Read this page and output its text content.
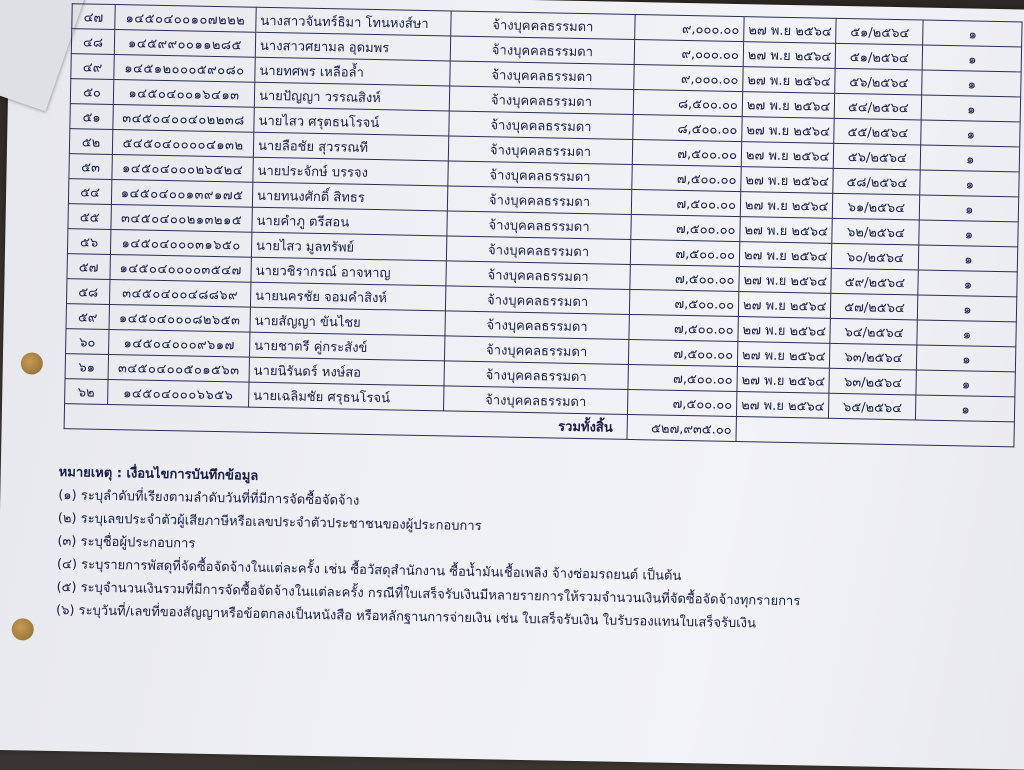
๔๗	๑๔๕๐๔๐๐๑๐๗๒๒๒	นางสาวจันทร์ธิมา โทนหงส์ษา	จ้างบุคคลธรรมดา	๙,๐๐๐.๐๐	๒๗ พ.ย ๒๕๖๔	๕๑/๒๕๖๔	๑
๔๘	๑๔๕๙๙๐๐๑๑๒๘๕	นางสาวศยามล อุดมพร	จ้างบุคคลธรรมดา	๙,๐๐๐.๐๐	๒๗ พ.ย ๒๕๖๔	๕๑/๒๕๖๔	๑
๔๙	๑๔๕๑๒๐๐๐๕๙๐๘๐	นายทศพร เหลือล้ำ	จ้างบุคคลธรรมดา	๙,๐๐๐.๐๐	๒๗ พ.ย ๒๕๖๔	๕๖/๒๕๖๔	๑
๕๐	๑๔๕๐๔๐๐๑๖๔๑๓	นายปัญญา วรรณสิงห์	จ้างบุคคลธรรมดา	๘,๕๐๐.๐๐	๒๗ พ.ย ๒๕๖๔	๕๔/๒๕๖๔	๑
๕๑	๓๔๕๐๔๐๐๔๐๒๒๓๘	นายไสว ศรุตธนโรจน์	จ้างบุคคลธรรมดา	๘,๕๐๐.๐๐	๒๗ พ.ย ๒๕๖๔	๕๕/๒๕๖๔	๑
๕๒	๕๔๕๐๔๐๐๐๐๔๑๓๒	นายลือชัย สุวรรณที	จ้างบุคคลธรรมดา	๗,๕๐๐.๐๐	๒๗ พ.ย ๒๕๖๔	๕๖/๒๕๖๔	๑
๕๓	๑๔๕๐๔๐๐๐๒๖๕๒๔	นายประจักษ์ บรรจง	จ้างบุคคลธรรมดา	๗,๕๐๐.๐๐	๒๗ พ.ย ๒๕๖๔	๕๘/๒๕๖๔	๑
๕๔	๑๔๕๐๔๐๐๑๓๙๑๗๕	นายทนงศักดิ์ สิทธร	จ้างบุคคลธรรมดา	๗,๕๐๐.๐๐	๒๗ พ.ย ๒๕๖๔	๖๑/๒๕๖๔	๑
๕๕	๓๔๕๐๔๐๐๒๑๓๒๑๕	นายคำภู ตรีสอน	จ้างบุคคลธรรมดา	๗,๕๐๐.๐๐	๒๗ พ.ย ๒๕๖๔	๖๒/๒๕๖๔	๑
๕๖	๑๔๕๐๔๐๐๐๓๑๖๕๐	นายไสว มูลทรัพย์	จ้างบุคคลธรรมดา	๗,๕๐๐.๐๐	๒๗ พ.ย ๒๕๖๔	๖๐/๒๕๖๔	๑
๕๗	๑๔๕๐๔๐๐๐๐๓๕๔๗	นายวชิรากรณ์ อาจหาญ	จ้างบุคคลธรรมดา	๗,๕๐๐.๐๐	๒๗ พ.ย ๒๕๖๔	๕๙/๒๕๖๔	๑
๕๘	๓๔๕๐๔๐๐๔๘๘๖๙	นายนครชัย จอมคำสิงห์	จ้างบุคคลธรรมดา	๗,๕๐๐.๐๐	๒๗ พ.ย ๒๕๖๔	๕๗/๒๕๖๔	๑
๕๙	๑๔๕๐๔๐๐๐๘๒๖๕๓	นายสัญญา ขันไชย	จ้างบุคคลธรรมดา	๗,๕๐๐.๐๐	๒๗ พ.ย ๒๕๖๔	๖๔/๒๕๖๔	๑
๖๐	๑๔๕๐๔๐๐๐๙๖๑๗	นายชาตรี คู่กระสังข์	จ้างบุคคลธรรมดา	๗,๕๐๐.๐๐	๒๗ พ.ย ๒๕๖๔	๖๓/๒๕๖๔	๑
๖๑	๓๔๕๐๔๐๐๕๐๑๕๖๓	นายนิรันดร์ หงษ์สอ	จ้างบุคคลธรรมดา	๗,๕๐๐.๐๐	๒๗ พ.ย ๒๕๖๔	๖๓/๒๕๖๔	๑
๖๒	๑๔๕๐๔๐๐๐๖๖๕๖	นายเฉลิมชัย ศรุธนโรจน์	จ้างบุคคลธรรมดา	๗,๕๐๐.๐๐	๒๗ พ.ย ๒๕๖๔	๖๕/๒๕๖๔	๑
รวมทั้งสิ้น				๕๒๗,๙๓๕.๐๐			
หมายเหตุ : เงื่อนไขการบันทึกข้อมูล
(๑) ระบุลำดับที่เรียงตามลำดับวันที่ที่มีการจัดซื้อจัดจ้าง
(๒) ระบุเลขประจำตัวผู้เสียภาษีหรือเลขประจำตัวประชาชนของผู้ประกอบการ
(๓) ระบุชื่อผู้ประกอบการ
(๔) ระบุรายการพัสดุที่จัดซื้อจัดจ้างในแต่ละครั้ง เช่น ซื้อวัสดุสำนักงาน ซื้อน้ำมันเชื้อเพลิง จ้างซ่อมรถยนต์ เป็นต้น
(๕) ระบุจำนวนเงินรวมที่มีการจัดซื้อจัดจ้างในแต่ละครั้ง กรณีที่ใบเสร็จรับเงินมีหลายรายการให้รวมจำนวนเงินที่จัดซื้อจัดจ้างทุกรายการ
(๖) ระบุวันที่/เลขที่ของสัญญาหรือข้อตกลงเป็นหนังสือ หรือหลักฐานการจ่ายเงิน เช่น ใบเสร็จรับเงิน ใบรับรองแทนใบเสร็จรับเงิน
